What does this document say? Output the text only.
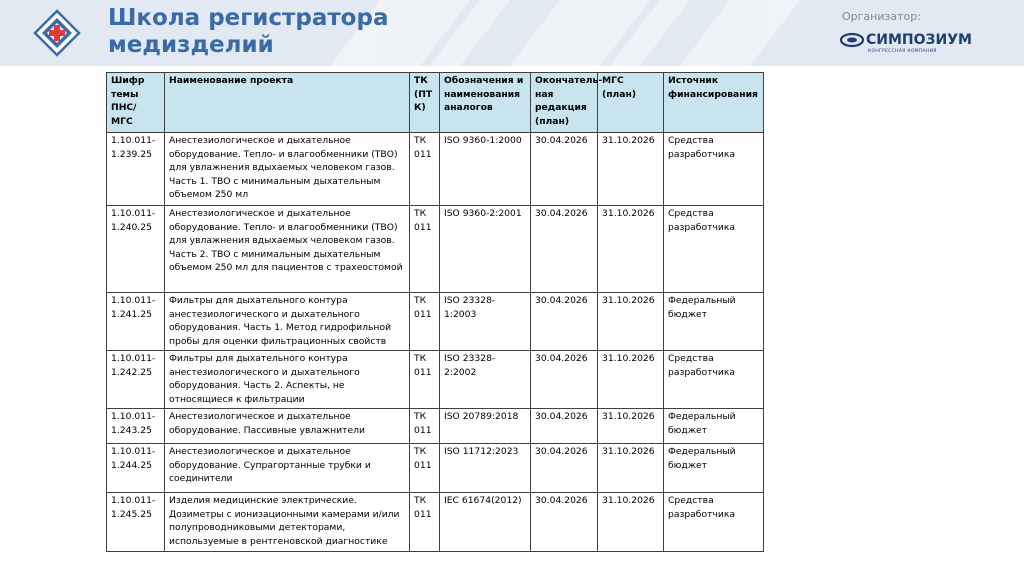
Школа регистратора
медизделий
Организатор:
СИМПОЗИУМ
КОНГРЕССНАЯ КОМПАНИЯ
Шифр темы ПНС/ МГС	Наименование проекта	ТК (ПТ К)	Обозначения и наименования аналогов	Окончательная редакция (план)	МГС (план)	Источник финансирования
1.10.011-1.239.25	Анестезиологическое и дыхательное оборудование. Тепло- и влагообменники (ТВО) для увлажнения вдыхаемых человеком газов. Часть 1. ТВО с минимальным дыхательным объемом 250 мл	ТК 011	ISO 9360-1:2000	30.04.2026	31.10.2026	Средства разработчика
1.10.011-1.240.25	Анестезиологическое и дыхательное оборудование. Тепло- и влагообменники (ТВО) для увлажнения вдыхаемых человеком газов. Часть 2. ТВО с минимальным дыхательным объемом 250 мл для пациентов с трахеостомой	ТК 011	ISO 9360-2:2001	30.04.2026	31.10.2026	Средства разработчика
1.10.011-1.241.25	Фильтры для дыхательного контура анестезиологического и дыхательного оборудования. Часть 1. Метод гидрофильной пробы для оценки фильтрационных свойств	ТК 011	ISO 23328-1:2003	30.04.2026	31.10.2026	Федеральный бюджет
1.10.011-1.242.25	Фильтры для дыхательного контура анестезиологического и дыхательного оборудования. Часть 2. Аспекты, не относящиеся к фильтрации	ТК 011	ISO 23328-2:2002	30.04.2026	31.10.2026	Средства разработчика
1.10.011-1.243.25	Анестезиологическое и дыхательное оборудование. Пассивные увлажнители	ТК 011	ISO 20789:2018	30.04.2026	31.10.2026	Федеральный бюджет
1.10.011-1.244.25	Анестезиологическое и дыхательное оборудование. Супрагортанные трубки и соединители	ТК 011	ISO 11712:2023	30.04.2026	31.10.2026	Федеральный бюджет
1.10.011-1.245.25	Изделия медицинские электрические. Дозиметры с ионизационными камерами и/или полупроводниковыми детекторами, используемые в рентгеновской диагностике	ТК 011	IEC 61674(2012)	30.04.2026	31.10.2026	Средства разработчика
